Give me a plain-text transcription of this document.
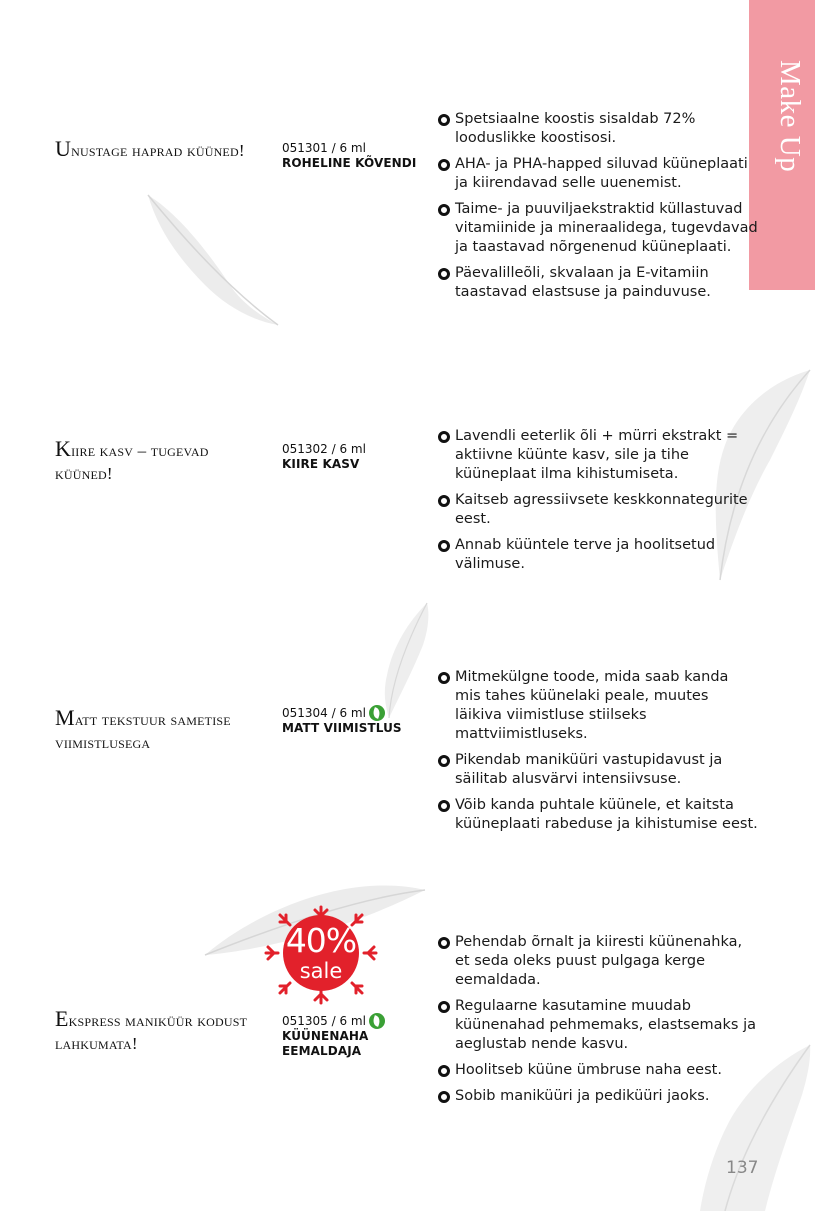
Make Up
Unustage haprad küüned!	051301 / 6 ml
ROHELINE KÕVENDI
Spetsiaalne koostis sisaldab 72% looduslikke koostisosi.
AHA- ja PHA-happed siluvad küüneplaati ja kiirendavad selle uuenemist.
Taime- ja puuviljaekstraktid küllastuvad vitamiinide ja mineraalidega, tugevdavad ja taastavad nõrgenenud küüneplaati.
Päevalilleõli, skvalaan ja E-vitamiin taastavad elastsuse ja painduvuse.
Kiire kasv – tugevad küüned!
051302 / 6 ml
KIIRE KASV
Lavendli eeterlik õli + mürri ekstrakt = aktiivne küünte kasv, sile ja tihe küüneplaat ilma kihistumiseta.
Kaitseb agressiivsete keskkonnategurite eest.
Annab küüntele terve ja hoolitsetud välimuse.
Matt tekstuur sametise viimistlusega
051304 / 6 ml
MATT VIIMISTLUS
Mitmekülgne toode, mida saab kanda mis tahes küünelaki peale, muutes läikiva viimistluse stiilseks mattviimistluseks.
Pikendab maniküüri vastupidavust ja säilitab alusvärvi intensiivsuse.
Võib kanda puhtale küünele, et kaitsta küüneplaati rabeduse ja kihistumise eest.
40%
sale
Ekspress maniküür kodust lahkumata!
051305 / 6 ml
KÜÜNENAHA EEMALDAJA
Pehendab õrnalt ja kiiresti küünenahka, et seda oleks puust pulgaga kerge eemaldada.
Regulaarne kasutamine muudab küünenahad pehmemaks, elastsemaks ja aeglustab nende kasvu.
Hoolitseb küüne ümbruse naha eest.
Sobib maniküüri ja pediküüri jaoks.
137
